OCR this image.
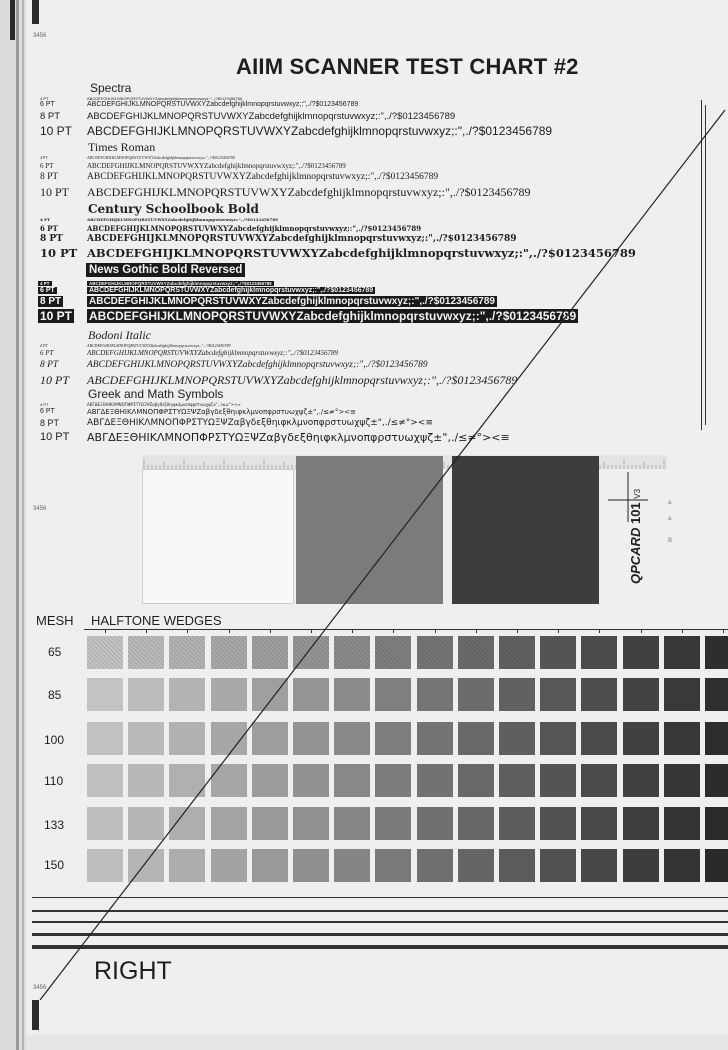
3456
3456
3456
AIIM SCANNER TEST CHART #2
Spectra
4 PT	ABCDEFGHIJKLMNOPQRSTUVWXYZabcdefghijklmnopqrstuvwxyz;:",./?$0123456789
6 PT	ABCDEFGHIJKLMNOPQRSTUVWXYZabcdefghijklmnopqrstuvwxyz;:",./?$0123456789
8 PT	ABCDEFGHIJKLMNOPQRSTUVWXYZabcdefghijklmnopqrstuvwxyz;:",./?$0123456789
10 PT	ABCDEFGHIJKLMNOPQRSTUVWXYZabcdefghijklmnopqrstuvwxyz;:",./?$0123456789
Times Roman
4 PT	ABCDEFGHIJKLMNOPQRSTUVWXYZabcdefghijklmnopqrstuvwxyz;:",./?$0123456789
6 PT	ABCDEFGHIJKLMNOPQRSTUVWXYZabcdefghijklmnopqrstuvwxyz;:",./?$0123456789
8 PT	ABCDEFGHIJKLMNOPQRSTUVWXYZabcdefghijklmnopqrstuvwxyz;:",./?$0123456789
10 PT	ABCDEFGHIJKLMNOPQRSTUVWXYZabcdefghijklmnopqrstuvwxyz;:",./?$0123456789
Century Schoolbook Bold
4 PT	ABCDEFGHIJKLMNOPQRSTUVWXYZabcdefghijklmnopqrstuvwxyz;:",./?$0123456789
6 PT	ABCDEFGHIJKLMNOPQRSTUVWXYZabcdefghijklmnopqrstuvwxyz;:",./?$0123456789
8 PT	ABCDEFGHIJKLMNOPQRSTUVWXYZabcdefghijklmnopqrstuvwxyz;:",./?$0123456789
10 PT ABCDEFGHIJKLMNOPQRSTUVWXYZabcdefghijklmnopqrstuvwxyz;:",./?$0123456789
News Gothic Bold Reversed
4 PT	ABCDEFGHIJKLMNOPQRSTUVWXYZabcdefghijklmnopqrstuvwxyz;:",./?$0123456789
6 PT	ABCDEFGHIJKLMNOPQRSTUVWXYZabcdefghijklmnopqrstuvwxyz;:",./?$0123456789
8 PT	ABCDEFGHIJKLMNOPQRSTUVWXYZabcdefghijklmnopqrstuvwxyz;:",./?$0123456789
10 PT ABCDEFGHIJKLMNOPQRSTUVWXYZabcdefghijklmnopqrstuvwxyz;:",./?$0123456789
Bodoni Italic
4 PT	ABCDEFGHIJKLMNOPQRSTUVWXYZabcdefghijklmnopqrstuvwxyz;:",./?$0123456789
6 PT	ABCDEFGHIJKLMNOPQRSTUVWXYZabcdefghijklmnopqrstuvwxyz;:",./?$0123456789
8 PT	ABCDEFGHIJKLMNOPQRSTUVWXYZabcdefghijklmnopqrstuvwxyz;:",./?$0123456789
10 PT	ABCDEFGHIJKLMNOPQRSTUVWXYZabcdefghijklmnopqrstuvwxyz;:",./?$0123456789
Greek and Math Symbols
4 PT	ΑΒΓΔΕΞΘΗΙΚΛΜΝΟΠΦΡΣΤΥΩΞΨΖαβγδεξθηιφκλμνοπφρστυωχψζ±",./≤≠°><≡
6 PT	ΑΒΓΔΕΞΘΗΙΚΛΜΝΟΠΦΡΣΤΥΩΞΨΖαβγδεξθηιφκλμνοπφρστυωχψζ±",./≤≠°><≡
8 PT	ΑΒΓΔΕΞΘΗΙΚΛΜΝΟΠΦΡΣΤΥΩΞΨΖαβγδεξθηιφκλμνοπφρστυωχψζ±",./≤≠°><≡
10 PT	ΑΒΓΔΕΞΘΗΙΚΛΜΝΟΠΦΡΣΤΥΩΞΨΖαβγδεξθηιφκλμνοπφρστυωχψζ±",./≤≠°><≡
QPCARD 101 V3
a
a
B
MESH HALFTONE WEDGES
65
85
100
110
133
150
RIGHT
